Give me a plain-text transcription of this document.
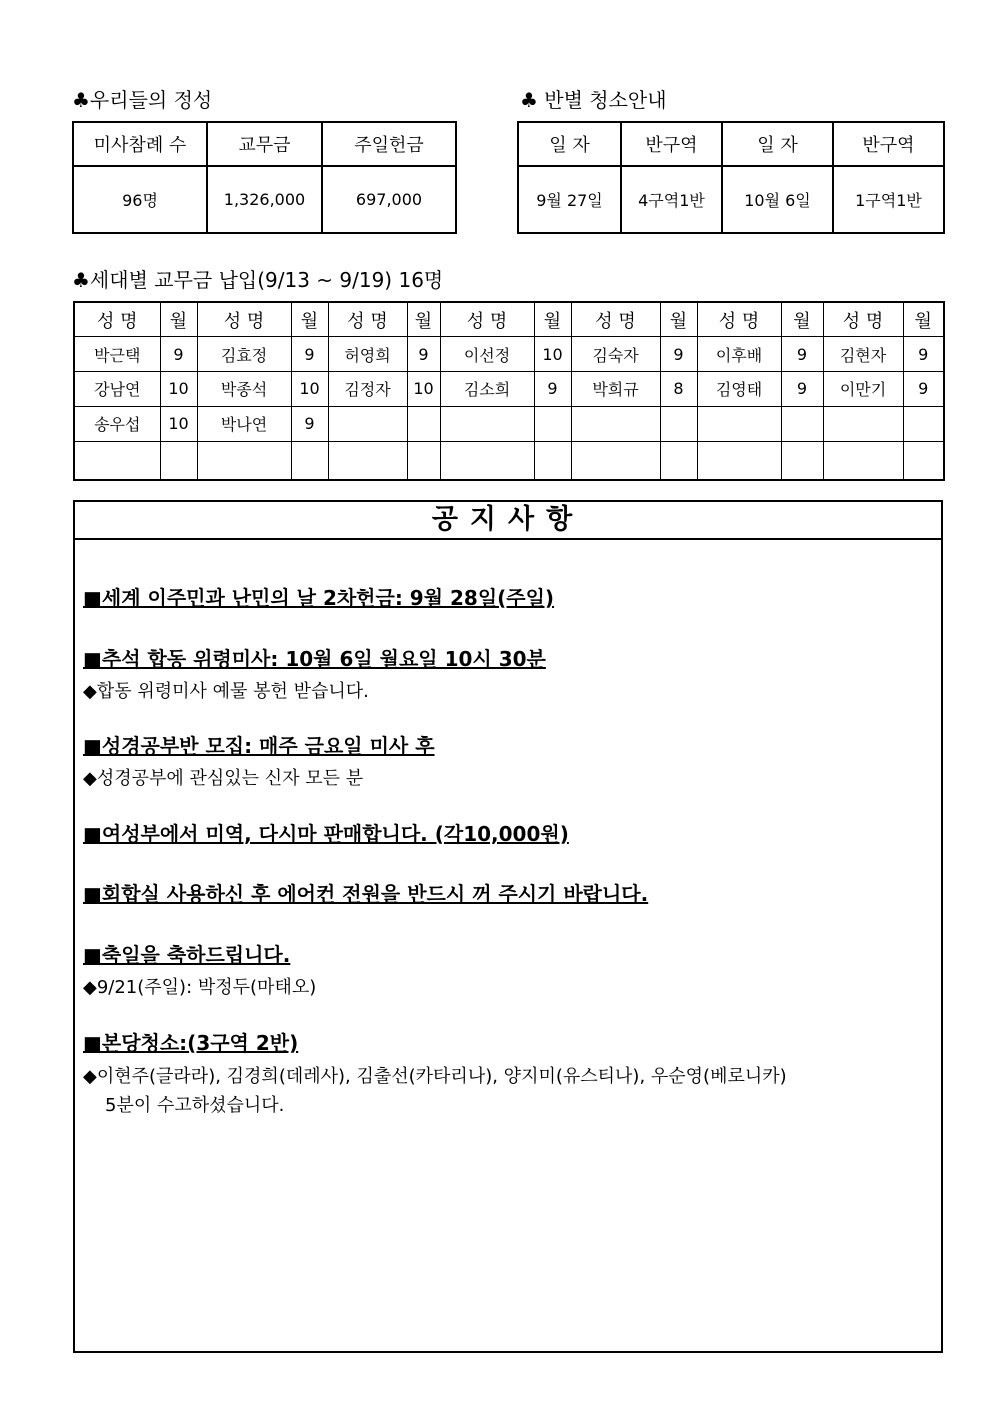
♣우리들의 정성
미사참례 수	교무금	주일헌금
96명	1,326,000	697,000
♣ 반별 청소안내
일 자	반구역	일 자	반구역
9월 27일	4구역1반	10월 6일	1구역1반
♣세대별 교무금 납입(9/13 ~ 9/19) 16명
성 명	월	성 명	월	성 명	월	성 명	월	성 명	월	성 명	월	성 명	월
박근택	9	김효정	9	허영희	9	이선정	10	김숙자	9	이후배	9	김현자	9
강남연	10	박종석	10	김정자	10	김소희	9	박희규	8	김영태	9	이만기	9
송우섭	10	박나연	9										

공지사항
■세계 이주민과 난민의 날 2차헌금: 9월 28일(주일)
■추석 합동 위령미사: 10월 6일 월요일 10시 30분
◆합동 위령미사 예물 봉헌 받습니다.
■성경공부반 모집: 매주 금요일 미사 후
◆성경공부에 관심있는 신자 모든 분
■여성부에서 미역, 다시마 판매합니다. (각10,000원)
■회합실 사용하신 후 에어컨 전원을 반드시 꺼 주시기 바랍니다.
■축일을 축하드립니다.
◆9/21(주일): 박정두(마태오)
■본당청소:(3구역 2반)
◆이현주(글라라), 김경희(데레사), 김출선(카타리나), 양지미(유스티나), 우순영(베로니카)
5분이 수고하셨습니다.
